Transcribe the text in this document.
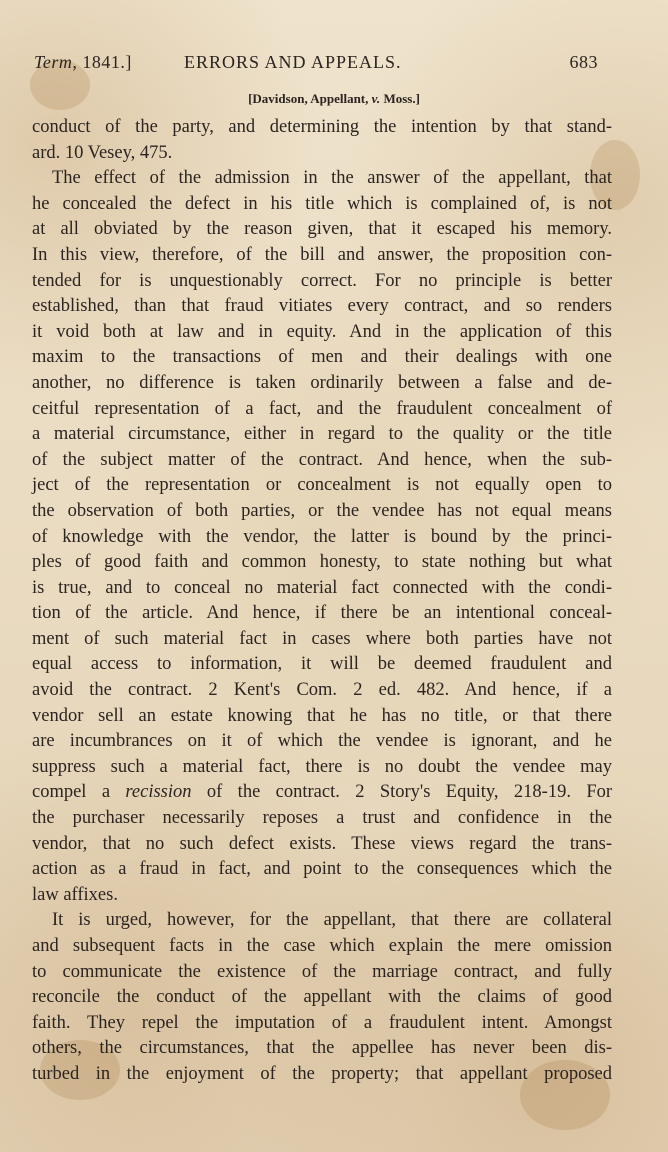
Term, 1841.]	ERRORS AND APPEALS.	683
[Davidson, Appellant, v. Moss.]
conduct of the party, and determining the intention by that stand-
ard. 10 Vesey, 475.
The effect of the admission in the answer of the appellant, that
he concealed the defect in his title which is complained of, is not
at all obviated by the reason given, that it escaped his memory.
In this view, therefore, of the bill and answer, the proposition con-
tended for is unquestionably correct. For no principle is better
established, than that fraud vitiates every contract, and so renders
it void both at law and in equity. And in the application of this
maxim to the transactions of men and their dealings with one
another, no difference is taken ordinarily between a false and de-
ceitful representation of a fact, and the fraudulent concealment of
a material circumstance, either in regard to the quality or the title
of the subject matter of the contract. And hence, when the sub-
ject of the representation or concealment is not equally open to
the observation of both parties, or the vendee has not equal means
of knowledge with the vendor, the latter is bound by the princi-
ples of good faith and common honesty, to state nothing but what
is true, and to conceal no material fact connected with the condi-
tion of the article. And hence, if there be an intentional conceal-
ment of such material fact in cases where both parties have not
equal access to information, it will be deemed fraudulent and
avoid the contract. 2 Kent's Com. 2 ed. 482. And hence, if a
vendor sell an estate knowing that he has no title, or that there
are incumbrances on it of which the vendee is ignorant, and he
suppress such a material fact, there is no doubt the vendee may
compel a recission of the contract. 2 Story's Equity, 218-19. For
the purchaser necessarily reposes a trust and confidence in the
vendor, that no such defect exists. These views regard the trans-
action as a fraud in fact, and point to the consequences which the
law affixes.
It is urged, however, for the appellant, that there are collateral
and subsequent facts in the case which explain the mere omission
to communicate the existence of the marriage contract, and fully
reconcile the conduct of the appellant with the claims of good
faith. They repel the imputation of a fraudulent intent. Amongst
others, the circumstances, that the appellee has never been dis-
turbed in the enjoyment of the property; that appellant proposed
